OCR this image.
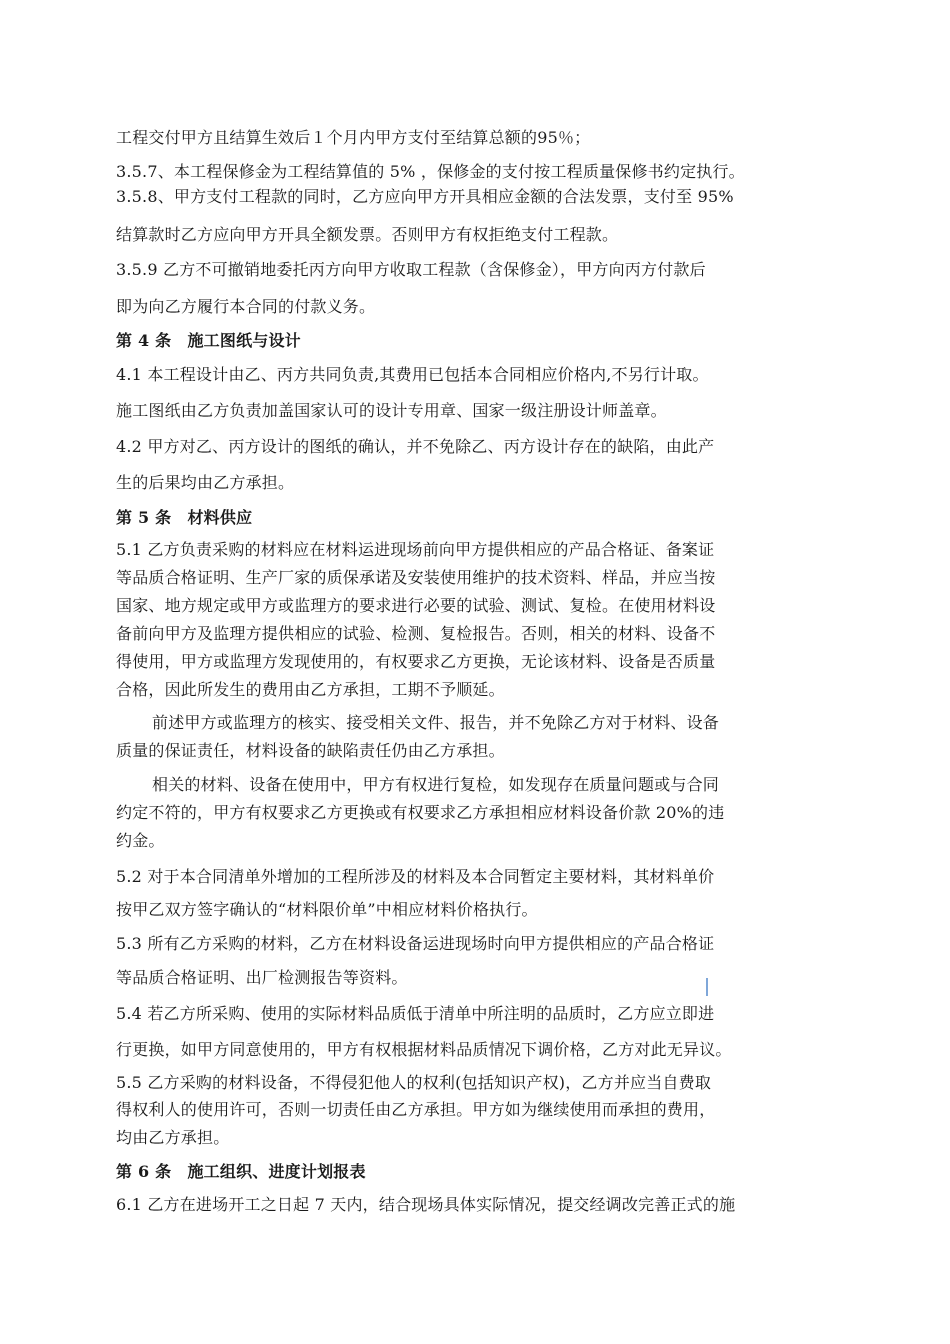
工程交付甲方且结算生效后１个月内甲方支付至结算总额的95％；
3.5.7、本工程保修金为工程结算值的 5% ，保修金的支付按工程质量保修书约定执行。
3.5.8、甲方支付工程款的同时，乙方应向甲方开具相应金额的合法发票，支付至 95%
结算款时乙方应向甲方开具全额发票。否则甲方有权拒绝支付工程款。
3.5.9 乙方不可撤销地委托丙方向甲方收取工程款（含保修金），甲方向丙方付款后
即为向乙方履行本合同的付款义务。
第 4 条　施工图纸与设计
4.1 本工程设计由乙、丙方共同负责,其费用已包括本合同相应价格内,不另行计取。
施工图纸由乙方负责加盖国家认可的设计专用章、国家一级注册设计师盖章。
4.2 甲方对乙、丙方设计的图纸的确认，并不免除乙、丙方设计存在的缺陷，由此产
生的后果均由乙方承担。
第 5 条　材料供应
5.1 乙方负责采购的材料应在材料运进现场前向甲方提供相应的产品合格证、备案证
等品质合格证明、生产厂家的质保承诺及安装使用维护的技术资料、样品，并应当按
国家、地方规定或甲方或监理方的要求进行必要的试验、测试、复检。在使用材料设
备前向甲方及监理方提供相应的试验、检测、复检报告。否则，相关的材料、设备不
得使用，甲方或监理方发现使用的，有权要求乙方更换，无论该材料、设备是否质量
合格，因此所发生的费用由乙方承担，工期不予顺延。
前述甲方或监理方的核实、接受相关文件、报告，并不免除乙方对于材料、设备
质量的保证责任，材料设备的缺陷责任仍由乙方承担。
相关的材料、设备在使用中，甲方有权进行复检，如发现存在质量问题或与合同
约定不符的，甲方有权要求乙方更换或有权要求乙方承担相应材料设备价款 20%的违
约金。
5.2 对于本合同清单外增加的工程所涉及的材料及本合同暂定主要材料，其材料单价
按甲乙双方签字确认的“材料限价单”中相应材料价格执行。
5.3 所有乙方采购的材料，乙方在材料设备运进现场时向甲方提供相应的产品合格证
等品质合格证明、出厂检测报告等资料。
5.4 若乙方所采购、使用的实际材料品质低于清单中所注明的品质时，乙方应立即进
行更换，如甲方同意使用的，甲方有权根据材料品质情况下调价格，乙方对此无异议。
5.5 乙方采购的材料设备，不得侵犯他人的权利(包括知识产权)，乙方并应当自费取
得权利人的使用许可，否则一切责任由乙方承担。甲方如为继续使用而承担的费用，
均由乙方承担。
第 6 条　施工组织、进度计划报表
6.1 乙方在进场开工之日起 7 天内，结合现场具体实际情况，提交经调改完善正式的施
